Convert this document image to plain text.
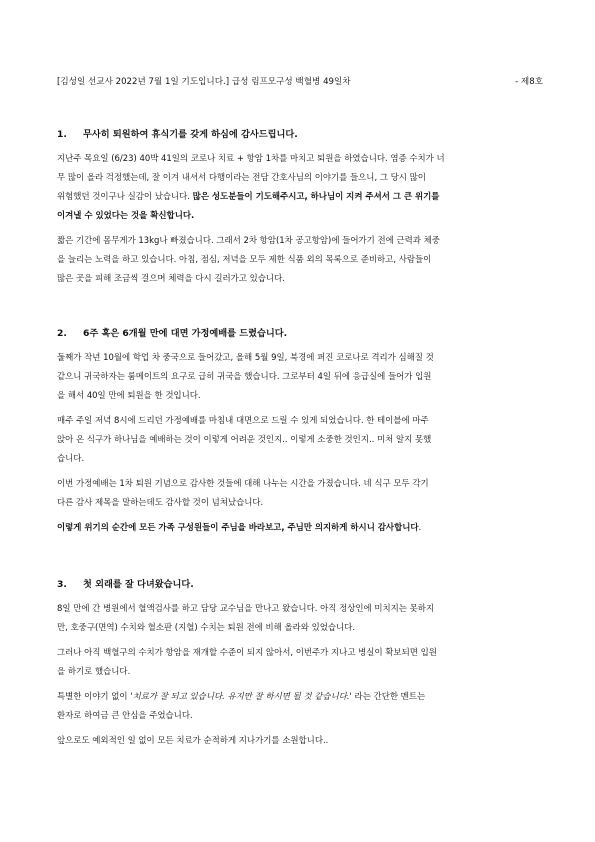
[김성일 선교사 2022년 7월 1일 기도입니다.] 급성 림프모구성 백혈병 49일차	- 제8호

1. 무사히 퇴원하여 휴식기를 갖게 하심에 감사드립니다.

지난주 목요일 (6/23) 40박 41일의 코로나 치료 + 항암 1차를 마치고 퇴원을 하였습니다. 염증 수치가 너
무 많이 올라 걱정했는데, 잘 이겨 내셔서 다행이라는 전담 간호사님의 이야기를 들으니, 그 당시 많이
위험했던 것이구나 실감이 났습니다. 많은 성도분들이 기도해주시고, 하나님이 지켜 주셔서 그 큰 위기를
이겨낼 수 있었다는 것을 확신합니다.

짧은 기간에 몸무게가 13kg나 빠졌습니다. 그래서 2차 항암(1차 공고항암)에 들어가기 전에 근력과 체중
을 늘리는 노력을 하고 있습니다. 아침, 점심, 저녁을 모두 제한 식품 외의 목록으로 준비하고, 사람들이
많은 곳을 피해 조금씩 걸으며 체력을 다시 길러가고 있습니다.

2. 6주 혹은 6개월 만에 대면 가정예배를 드렸습니다.

둘째가 작년 10월에 학업 차 중국으로 들어갔고, 올해 5월 9일, 북경에 퍼진 코로나로 격리가 심해질 것
같으니 귀국하자는 룸메이트의 요구로 급히 귀국을 했습니다. 그로부터 4일 뒤에 응급실에 들어가 입원
을 해서 40일 만에 퇴원을 한 것입니다.

매주 주일 저녁 8시에 드리던 가정예배를 마침내 대면으로 드릴 수 있게 되었습니다. 한 테이블에 마주
앉아 온 식구가 하나님을 예배하는 것이 이렇게 어려운 것인지.. 이렇게 소중한 것인지.. 미처 알지 못했
습니다.

이번 가정예배는 1차 퇴원 기념으로 감사한 것들에 대해 나누는 시간을 가졌습니다. 네 식구 모두 각기
다른 감사 제목을 말하는데도 감사할 것이 넘쳐났습니다.

이렇게 위기의 순간에 모든 가족 구성원들이 주님을 바라보고, 주님만 의지하게 하시니 감사합니다.

3. 첫 외래를 잘 다녀왔습니다.

8일 만에 간 병원에서 혈액검사를 하고 담당 교수님을 만나고 왔습니다. 아직 정상인에 미치지는 못하지
만, 호중구(면역) 수치와 혈소판 (지혈) 수치는 퇴원 전에 비해 올라와 있었습니다.

그러나 아직 백혈구의 수치가 항암을 재개할 수준이 되지 않아서, 이번주가 지나고 병실이 확보되면 입원
을 하기로 했습니다.

특별한 이야기 없이 '치료가 잘 되고 있습니다. 유지만 잘 하시면 될 것 같습니다.' 라는 간단한 멘트는
환자로 하여금 큰 안심을 주었습니다.

앞으로도 예외적인 일 없이 모든 치료가 순적하게 지나가기를 소원합니다..
